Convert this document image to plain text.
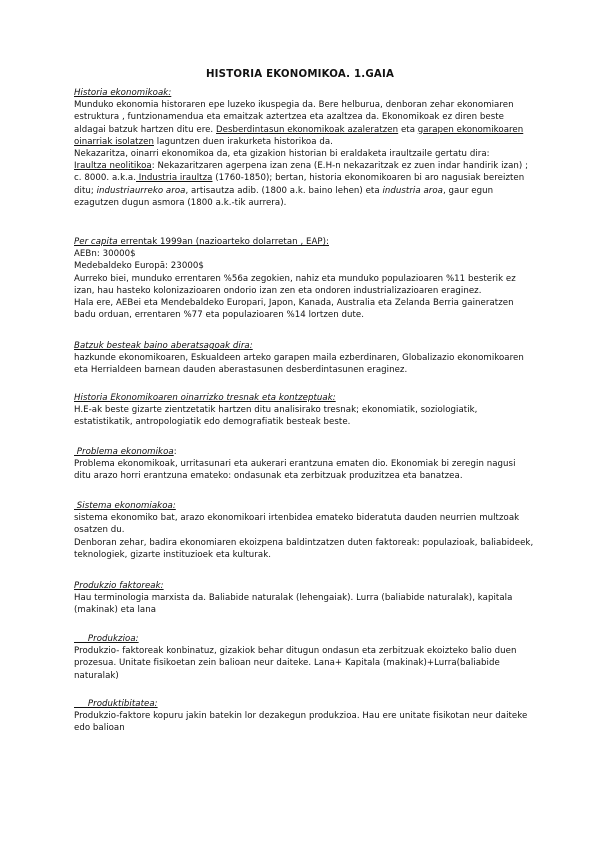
HISTORIA EKONOMIKOA. 1.GAIA

Historia ekonomikoak:

Munduko ekonomia historaren epe luzeko ikuspegia da. Bere helburua, denboran zehar ekonomiaren estruktura , funtzionamendua eta emaitzak aztertzea eta azaltzea da. Ekonomikoak ez diren beste aldagai batzuk hartzen ditu ere. Desberdintasun ekonomikoak azaleratzen eta garapen ekonomikoaren oinarriak isolatzen laguntzen duen irakurketa historikoa da.

Nekazaritza, oinarri ekonomikoa da, eta gizakion historian bi eraldaketa iraultzaile gertatu dira:

Iraultza neolitikoa: Nekazaritzaren agerpena izan zena (E.H-n nekazaritzak ez zuen indar handirik izan) ; c. 8000. a.k.a. Industria iraultza (1760-1850); bertan, historia ekonomikoaren bi aro nagusiak bereizten ditu; industriaurreko aroa, artisautza adib. (1800 a.k. baino lehen) eta industria aroa, gaur egun ezagutzen dugun asmora (1800 a.k.-tik aurrera).

Per capita errentak 1999an (nazioarteko dolarretan , EAP):

AEBn: 30000$

Medebaldeko Europā: 23000$

Aurreko biei, munduko errentaren %56a zegokien, nahiz eta munduko populazioaren %11 besterik ez izan, hau hasteko kolonizazioaren ondorio izan zen eta ondoren industrializazioaren eraginez.

Hala ere, AEBei eta Mendebaldeko Europari, Japon, Kanada, Australia eta Zelanda Berria gaineratzen badu orduan, errentaren %77 eta populazioaren %14 lortzen dute.

Batzuk besteak baino aberatsagoak dira:

hazkunde ekonomikoaren, Eskualdeen arteko garapen maila ezberdinaren, Globalizazio ekonomikoaren eta Herrialdeen barnean dauden aberastasunen desberdintasunen eraginez.

Historia Ekonomikoaren oinarrizko tresnak eta kontzeptuak:

H.E-ak beste gizarte zientzetatik hartzen ditu analisirako tresnak; ekonomiatik, soziologiatik, estatistikatik, antropologiatik edo demografiatik besteak beste.

Problema ekonomikoa:

Problema ekonomikoak, urritasunari eta aukerari erantzuna ematen dio. Ekonomiak bi zeregin nagusi ditu arazo horri erantzuna emateko: ondasunak eta zerbitzuak produzitzea eta banatzea.

Sistema ekonomiakoa:

sistema ekonomiko bat, arazo ekonomikoari irtenbidea emateko bideratuta dauden neurrien multzoak osatzen du.

Denboran zehar, badira ekonomiaren ekoizpena baldintzatzen duten faktoreak: populazioak, baliabideek, teknologiek, gizarte instituzioek eta kulturak.

Produkzio faktoreak:

Hau terminologia marxista da. Baliabide naturalak (lehengaiak). Lurra (baliabide naturalak), kapitala (makinak) eta lana

Produkzioa:

Produkzio- faktoreak konbinatuz, gizakiok behar ditugun ondasun eta zerbitzuak ekoizteko balio duen prozesua. Unitate fisikoetan zein balioan neur daiteke. Lana+ Kapitala (makinak)+Lurra(baliabide naturalak)

Produktibitatea:

Produkzio-faktore kopuru jakin batekin lor dezakegun produkzioa. Hau ere unitate fisikotan neur daiteke edo balioan
